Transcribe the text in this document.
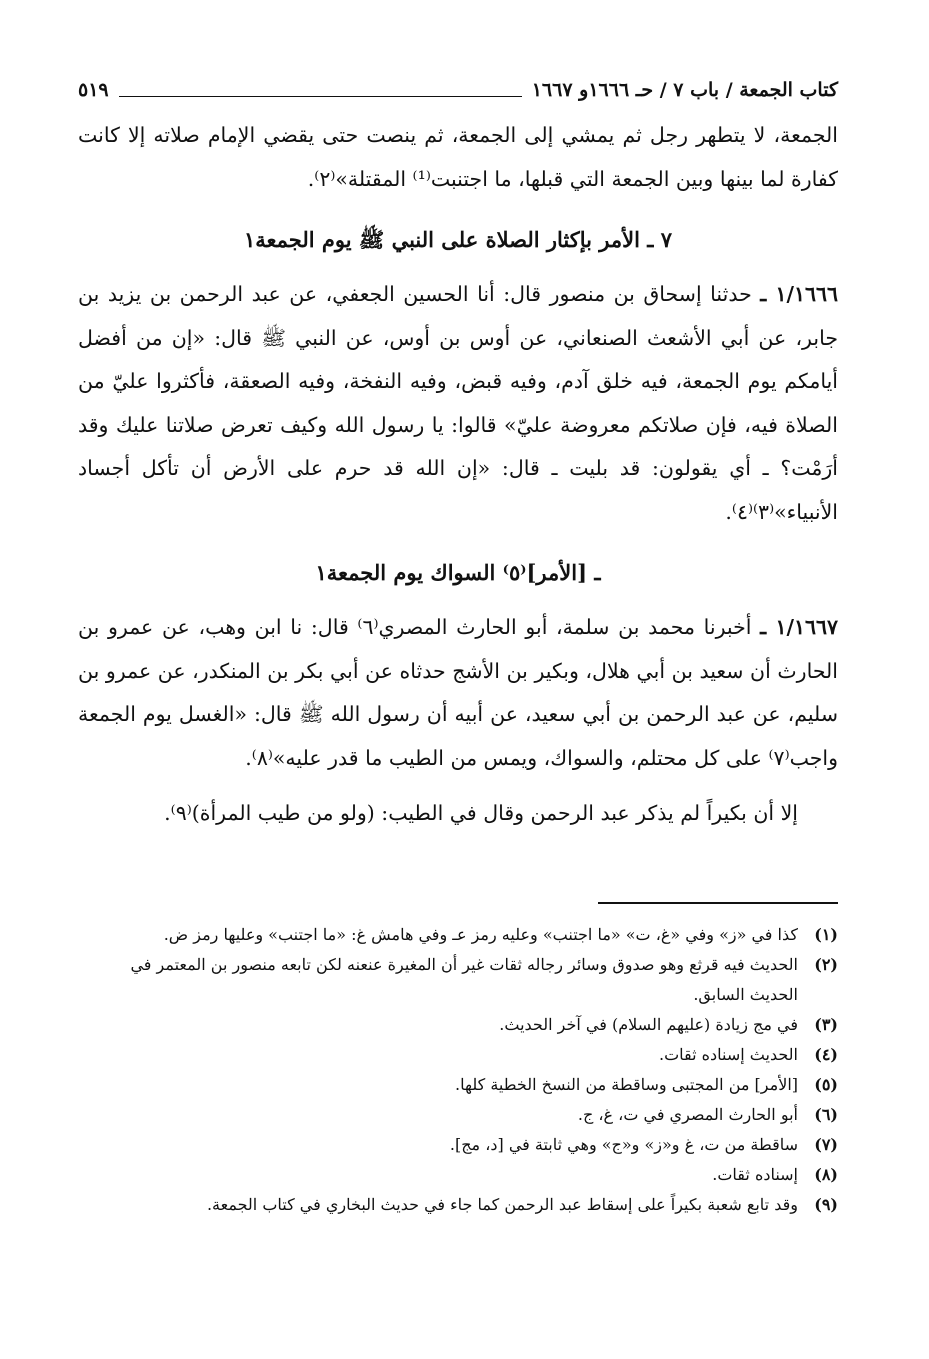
كتاب الجمعة / باب ٧ / حـ ١٦٦٦و ١٦٦٧
٥١٩

الجمعة، لا يتطهر رجل ثم يمشي إلى الجمعة، ثم ينصت حتى يقضي الإمام صلاته إلا كانت كفارة لما بينها وبين الجمعة التي قبلها، ما اجتنبت⁽¹⁾ المقتلة»⁽٢⁾.

٧ ـ الأمر بإكثار الصلاة على النبي ﷺ يوم الجمعة١

١/١٦٦٦ ـ حدثنا إسحاق بن منصور قال: أنا الحسين الجعفي، عن عبد الرحمن بن يزيد بن جابر، عن أبي الأشعث الصنعاني، عن أوس بن أوس، عن النبي ﷺ قال: «إن من أفضل أيامكم يوم الجمعة، فيه خلق آدم، وفيه قبض، وفيه النفخة، وفيه الصعقة، فأكثروا عليّ من الصلاة فيه، فإن صلاتكم معروضة عليّ» قالوا: يا رسول الله وكيف تعرض صلاتنا عليك وقد أرَمْت؟ ـ أي يقولون: قد بليت ـ قال: «إن الله قد حرم على الأرض أن تأكل أجساد الأنبياء»⁽٣⁾⁽٤⁾.

ـ [الأمر]⁽٥⁾ السواك يوم الجمعة١

١/١٦٦٧ ـ أخبرنا محمد بن سلمة، أبو الحارث المصري⁽٦⁾ قال: نا ابن وهب، عن عمرو بن الحارث أن سعيد بن أبي هلال، وبكير بن الأشج حدثاه عن أبي بكر بن المنكدر، عن عمرو بن سليم، عن عبد الرحمن بن أبي سعيد، عن أبيه أن رسول الله ﷺ قال: «الغسل يوم الجمعة واجب⁽٧⁾ على كل محتلم، والسواك، ويمس من الطيب ما قدر عليه»⁽٨⁾.

إلا أن بكيراً لم يذكر عبد الرحمن وقال في الطيب: (ولو من طيب المرأة)⁽٩⁾.

(١)
كذا في «ز» وفي «غ، ت» «ما اجتنب» وعليه رمز عـ وفي هامش غ: «ما اجتنب» وعليها رمز ض.
(٢)
الحديث فيه قرثع وهو صدوق وسائر رجاله ثقات غير أن المغيرة عنعنه لكن تابعه منصور بن المعتمر في الحديث السابق.
(٣)
في مج زيادة (عليهم السلام) في آخر الحديث.
(٤)
الحديث إسناده ثقات.
(٥)
[الأمر] من المجتبى وساقطة من النسخ الخطية كلها.
(٦)
أبو الحارث المصري في ت، غ، ج.
(٧)
ساقطة من ت، غ و«ز» و«ج» وهي ثابتة في [د، مج].
(٨)
إسناده ثقات.
(٩)
وقد تابع شعبة بكيراً على إسقاط عبد الرحمن كما جاء في حديث البخاري في كتاب الجمعة.
